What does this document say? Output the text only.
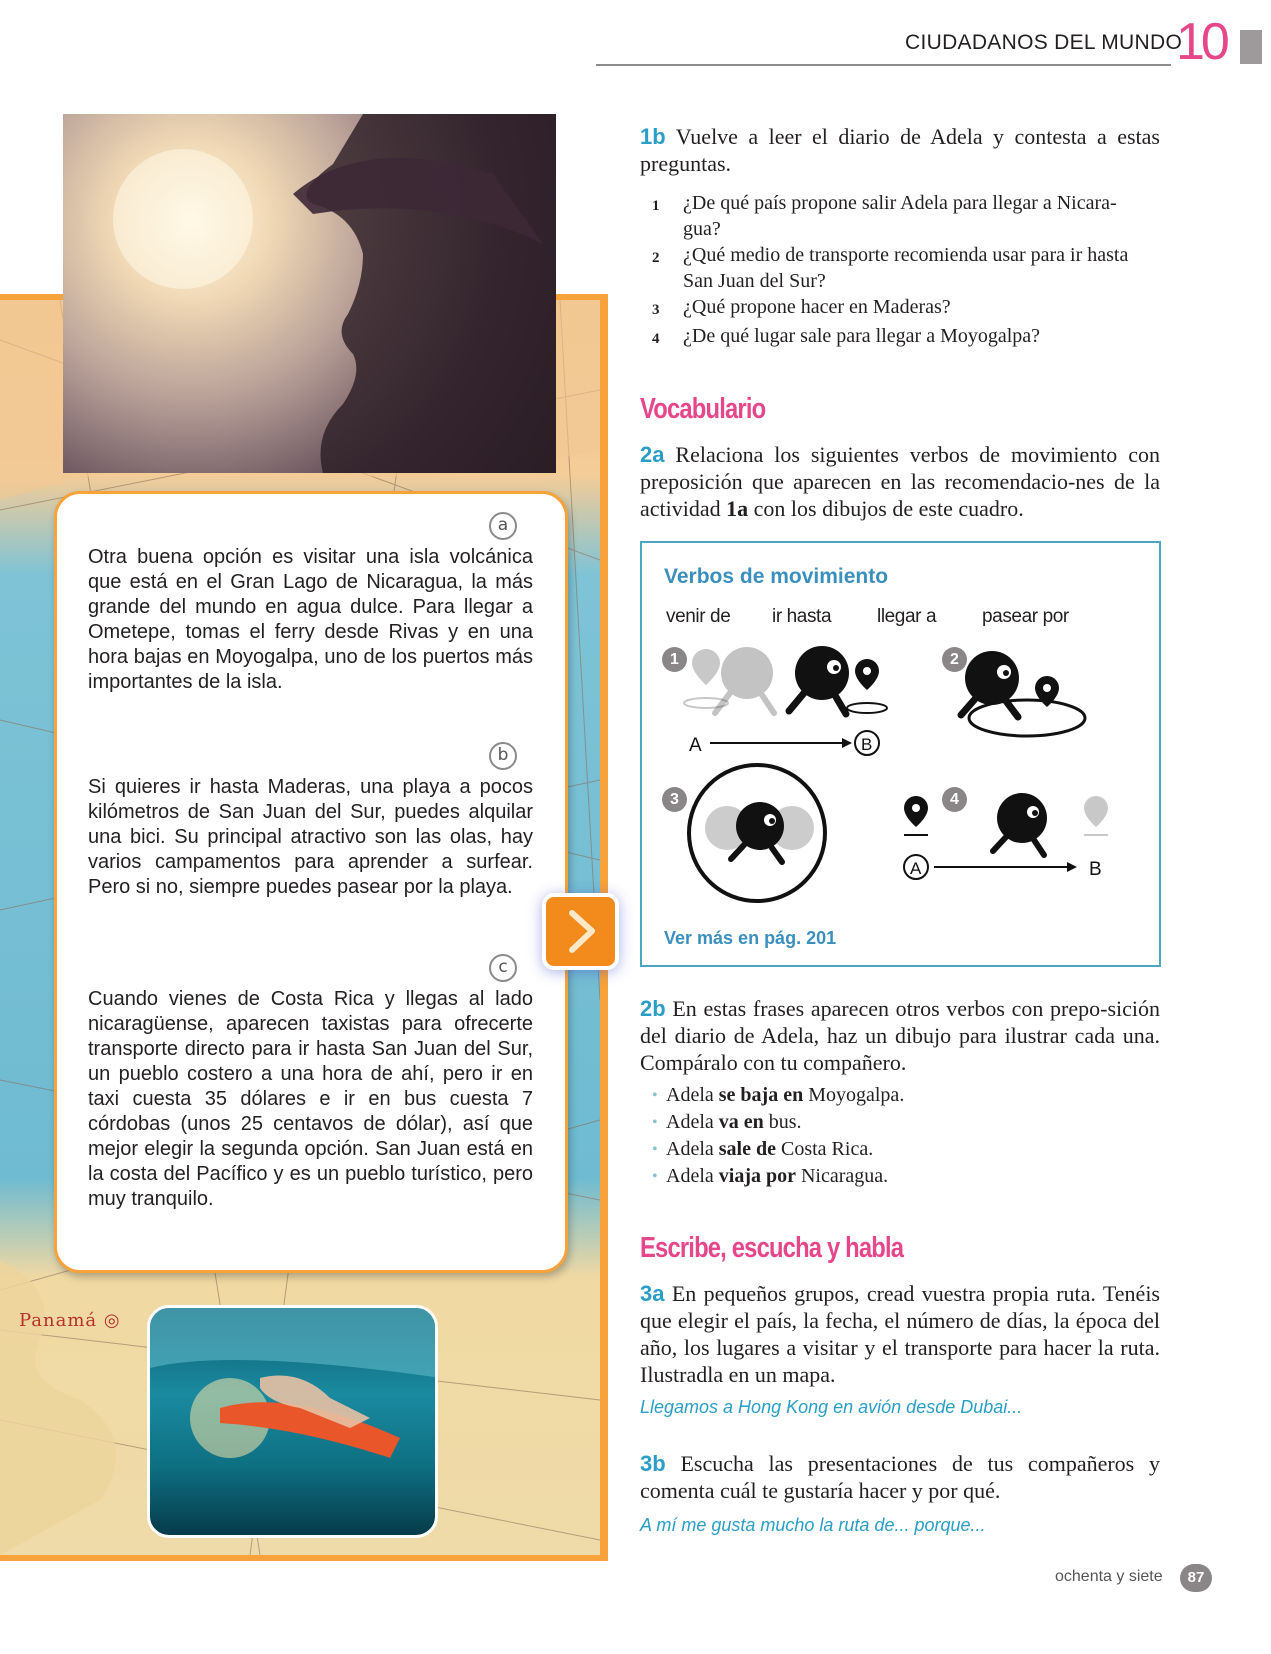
CIUDADANOS DEL MUNDO
10
a

Otra buena opción es visitar una isla volcánica que está en el Gran Lago de Nicaragua, la más grande del mundo en agua dulce. Para llegar a Ometepe, tomas el ferry desde Rivas y en una hora bajas en Moyogalpa, uno de los puertos más importantes de la isla.

b

Si quieres ir hasta Maderas, una playa a pocos kilómetros de San Juan del Sur, puedes alquilar una bici. Su principal atractivo son las olas, hay varios campamentos para aprender a surfear. Pero si no, siempre puedes pasear por la playa.

c

Cuando vienes de Costa Rica y llegas al lado nicaragüense, aparecen taxistas para ofrecerte transporte directo para ir hasta San Juan del Sur, un pueblo costero a una hora de ahí, pero ir en taxi cuesta 35 dólares e ir en bus cuesta 7 córdobas (unos 25 centavos de dólar), así que mejor elegir la segunda opción. San Juan está en la costa del Pacífico y es un pueblo turístico, pero muy tranquilo.

Panamá ◎

1b Vuelve a leer el diario de Adela y contesta a estas preguntas.

1	¿De qué país propone salir Adela para llegar a Nicara-gua?
2	¿Qué medio de transporte recomienda usar para ir hasta San Juan del Sur?
3	¿Qué propone hacer en Maderas?
4	¿De qué lugar sale para llegar a Moyogalpa?
Vocabulario

2a Relaciona los siguientes verbos de movimiento con preposición que aparecen en las recomendacio-nes de la actividad 1a con los dibujos de este cuadro.

Verbos de movimiento
venir de ir hasta llegar a pasear por
1	2
3	4
A	B
A	B
Ver más en pág. 201

2b En estas frases aparecen otros verbos con prepo-sición del diario de Adela, haz un dibujo para ilustrar cada una. Compáralo con tu compañero.

• Adela se baja en Moyogalpa.
• Adela va en bus.
• Adela sale de Costa Rica.
• Adela viaja por Nicaragua.
Escribe, escucha y habla

3a En pequeños grupos, cread vuestra propia ruta. Tenéis que elegir el país, la fecha, el número de días, la época del año, los lugares a visitar y el transporte para hacer la ruta. Ilustradla en un mapa.

Llegamos a Hong Kong en avión desde Dubai...

3b Escucha las presentaciones de tus compañeros y comenta cuál te gustaría hacer y por qué.

A mí me gusta mucho la ruta de... porque...
ochenta y siete	87
